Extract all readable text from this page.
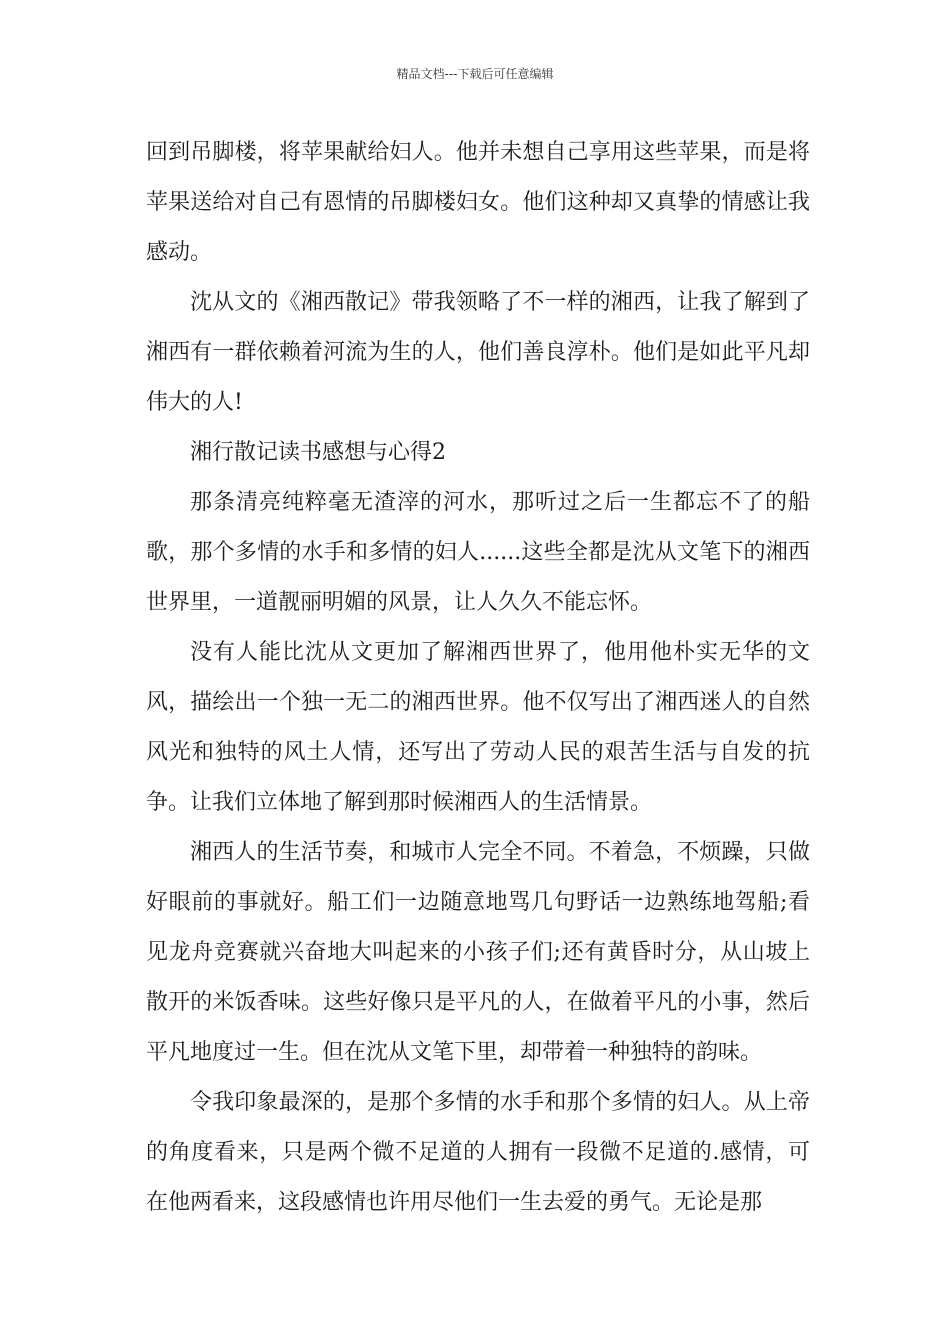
精品文档---下载后可任意编辑

回到吊脚楼，将苹果献给妇人。他并未想自己享用这些苹果，而是将苹果送给对自己有恩情的吊脚楼妇女。他们这种却又真挚的情感让我感动。

沈从文的《湘西散记》带我领略了不一样的湘西，让我了解到了湘西有一群依赖着河流为生的人，他们善良淳朴。他们是如此平凡却伟大的人!

湘行散记读书感想与心得2

那条清亮纯粹毫无渣滓的河水，那听过之后一生都忘不了的船歌，那个多情的水手和多情的妇人......这些全都是沈从文笔下的湘西世界里，一道靓丽明媚的风景，让人久久不能忘怀。

没有人能比沈从文更加了解湘西世界了，他用他朴实无华的文风，描绘出一个独一无二的湘西世界。他不仅写出了湘西迷人的自然风光和独特的风土人情，还写出了劳动人民的艰苦生活与自发的抗争。让我们立体地了解到那时候湘西人的生活情景。

湘西人的生活节奏，和城市人完全不同。不着急，不烦躁，只做好眼前的事就好。船工们一边随意地骂几句野话一边熟练地驾船;看见龙舟竞赛就兴奋地大叫起来的小孩子们;还有黄昏时分，从山坡上散开的米饭香味。这些好像只是平凡的人，在做着平凡的小事，然后平凡地度过一生。但在沈从文笔下里，却带着一种独特的韵味。

令我印象最深的，是那个多情的水手和那个多情的妇人。从上帝的角度看来，只是两个微不足道的人拥有一段微不足道的.感情，可在他两看来，这段感情也许用尽他们一生去爱的勇气。无论是那
